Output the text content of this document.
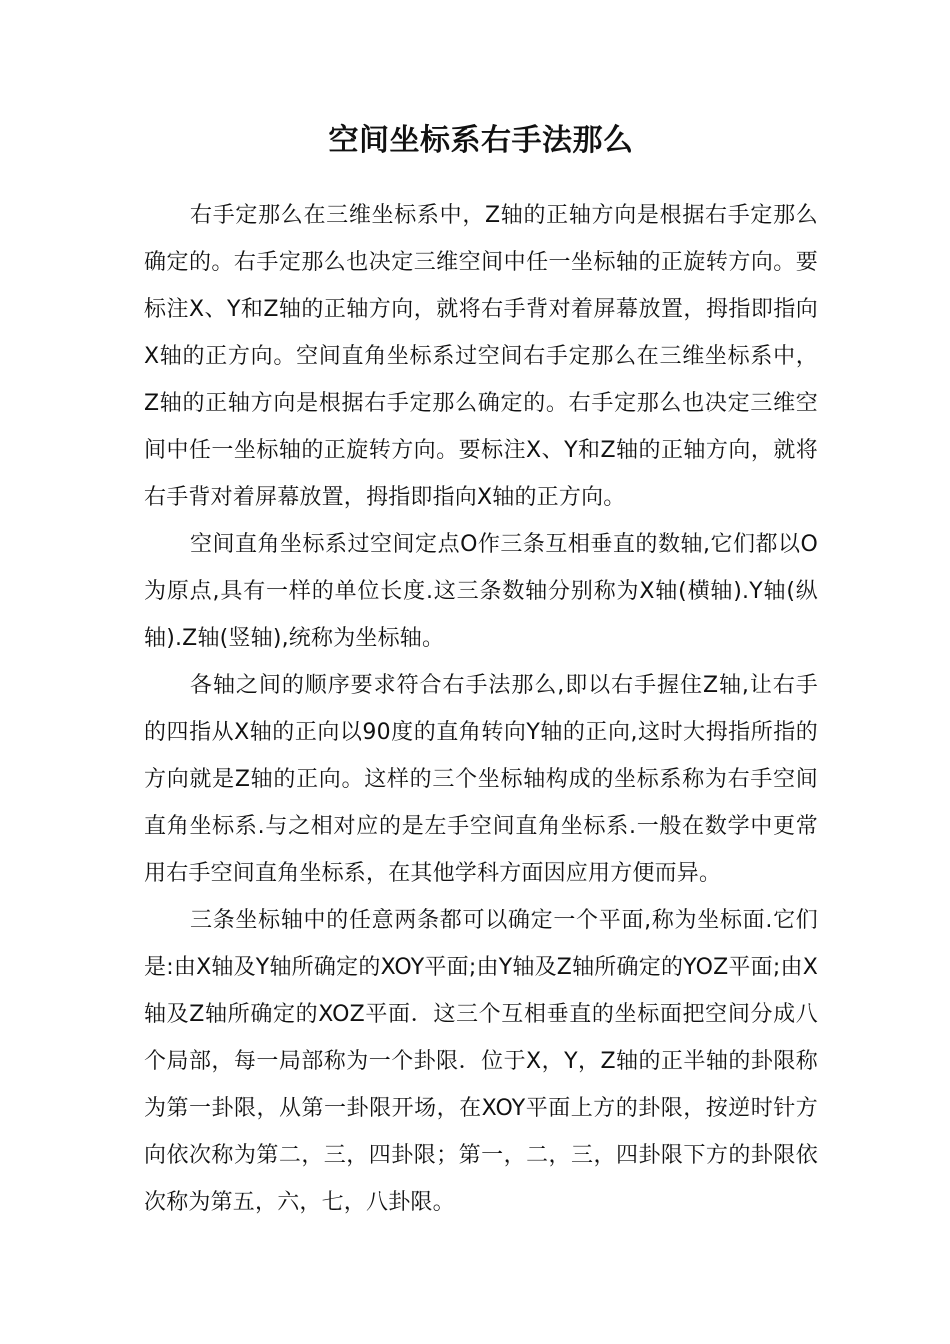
空间坐标系右手法那么

右手定那么在三维坐标系中，Z轴的正轴方向是根据右手定那么确定的。右手定那么也决定三维空间中任一坐标轴的正旋转方向。要标注X、Y和Z轴的正轴方向，就将右手背对着屏幕放置，拇指即指向X轴的正方向。空间直角坐标系过空间右手定那么在三维坐标系中，Z轴的正轴方向是根据右手定那么确定的。右手定那么也决定三维空间中任一坐标轴的正旋转方向。要标注X、Y和Z轴的正轴方向，就将右手背对着屏幕放置，拇指即指向X轴的正方向。

空间直角坐标系过空间定点O作三条互相垂直的数轴,它们都以O为原点,具有一样的单位长度.这三条数轴分别称为X轴(横轴).Y轴(纵轴).Z轴(竖轴),统称为坐标轴。

各轴之间的顺序要求符合右手法那么,即以右手握住Z轴,让右手的四指从X轴的正向以90度的直角转向Y轴的正向,这时大拇指所指的方向就是Z轴的正向。这样的三个坐标轴构成的坐标系称为右手空间直角坐标系.与之相对应的是左手空间直角坐标系.一般在数学中更常用右手空间直角坐标系，在其他学科方面因应用方便而异。

三条坐标轴中的任意两条都可以确定一个平面,称为坐标面.它们是:由X轴及Y轴所确定的XOY平面;由Y轴及Z轴所确定的YOZ平面;由X轴及Z轴所确定的XOZ平面．这三个互相垂直的坐标面把空间分成八个局部，每一局部称为一个卦限．位于X，Y，Z轴的正半轴的卦限称为第一卦限，从第一卦限开场，在XOY平面上方的卦限，按逆时针方向依次称为第二，三，四卦限；第一，二，三，四卦限下方的卦限依次称为第五，六，七，八卦限。
